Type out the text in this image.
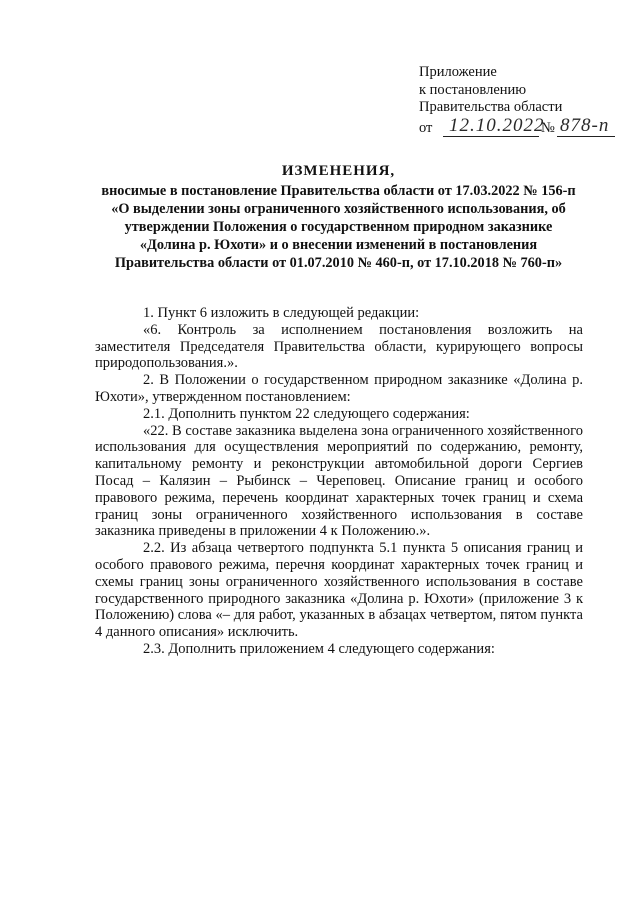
Приложение
к постановлению
Правительства области
от 12.10.2022
№ 878-п
ИЗМЕНЕНИЯ,
вносимые в постановление Правительства области от 17.03.2022 № 156-п «О выделении зоны ограниченного хозяйственного использования, об утверждении Положения о государственном природном заказнике «Долина р. Юхоти» и о внесении изменений в постановления Правительства области от 01.07.2010 № 460-п, от 17.10.2018 № 760-п»

1. Пункт 6 изложить в следующей редакции:

«6. Контроль за исполнением постановления возложить на заместителя Председателя Правительства области, курирующего вопросы природопользования.».

2. В Положении о государственном природном заказнике «Долина р. Юхоти», утвержденном постановлением:

2.1. Дополнить пунктом 22 следующего содержания:

«22. В составе заказника выделена зона ограниченного хозяйственного использования для осуществления мероприятий по содержанию, ремонту, капитальному ремонту и реконструкции автомобильной дороги Сергиев Посад – Калязин – Рыбинск – Череповец. Описание границ и особого правового режима, перечень координат характерных точек границ и схема границ зоны ограниченного хозяйственного использования в составе заказника приведены в приложении 4 к Положению.».

2.2. Из абзаца четвертого подпункта 5.1 пункта 5 описания границ и особого правового режима, перечня координат характерных точек границ и схемы границ зоны ограниченного хозяйственного использования в составе государственного природного заказника «Долина р. Юхоти» (приложение 3 к Положению) слова «– для работ, указанных в абзацах четвертом, пятом пункта 4 данного описания» исключить.

2.3. Дополнить приложением 4 следующего содержания:
